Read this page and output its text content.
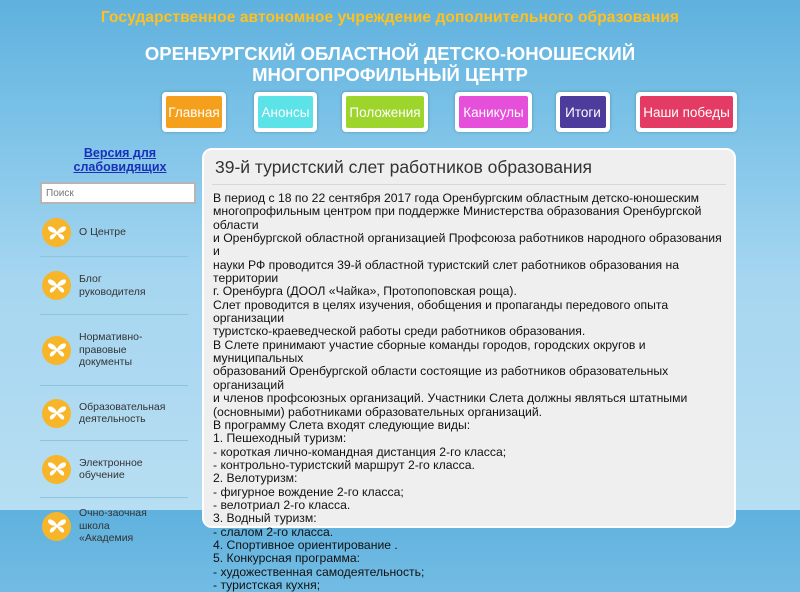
Государственное автономное учреждение дополнительного образования
ОРЕНБУРГСКИЙ ОБЛАСТНОЙ ДЕТСКО-ЮНОШЕСКИЙ
МНОГОПРОФИЛЬНЫЙ ЦЕНТР
Главная	Анонсы	Положения	Каникулы	Итоги	Наши победы
Версия для слабовидящих
Поиск
О Центре
Блог руководителя
Нормативно-правовые документы
Образовательная деятельность
Электронное обучение
Очно-заочная школа «Академия
39-й туристский слет работников образования

В период с 18 по 22 сентября 2017 года Оренбургским областным детско-юношеским

многопрофильным центром при поддержке Министерства образования Оренбургской области

и Оренбургской областной организацией Профсоюза работников народного образования и

науки РФ проводится 39-й областной туристский слет работников образования на территории

г. Оренбурга (ДООЛ «Чайка», Протопоповская роща).

Слет проводится в целях изучения, обобщения и пропаганды передового опыта организации

туристско-краеведческой работы среди работников образования.

В Слете принимают участие сборные команды городов, городских округов и муниципальных

образований Оренбургской области состоящие из работников образовательных организаций

и членов профсоюзных организаций. Участники Слета должны являться штатными

(основными) работниками образовательных организаций.

В программу Слета входят следующие виды:

1. Пешеходный туризм:

- короткая лично-командная дистанция 2-го класса;

- контрольно-туристский маршрут 2-го класса.

2. Велотуризм:

- фигурное вождение 2-го класса;

- велотриал 2-го класса.

3. Водный туризм:

- слалом 2-го класса.

4. Спортивное ориентирование .

5. Конкурсная программа:

- художественная самодеятельность;

- туристская кухня;
